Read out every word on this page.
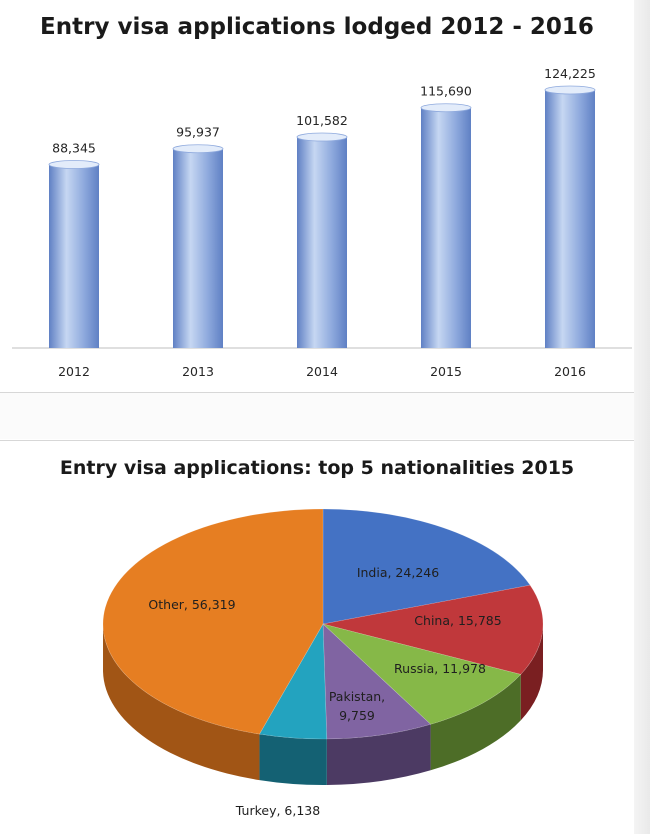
Entry visa applications lodged 2012 - 2016
88,345
2012
95,937
2013
101,582
2014
115,690
2015
124,225
2016
Entry visa applications: top 5 nationalities 2015
India, 24,246
China, 15,785
Russia, 11,978
Pakistan, 9,759
Turkey, 6,138
Other, 56,319
